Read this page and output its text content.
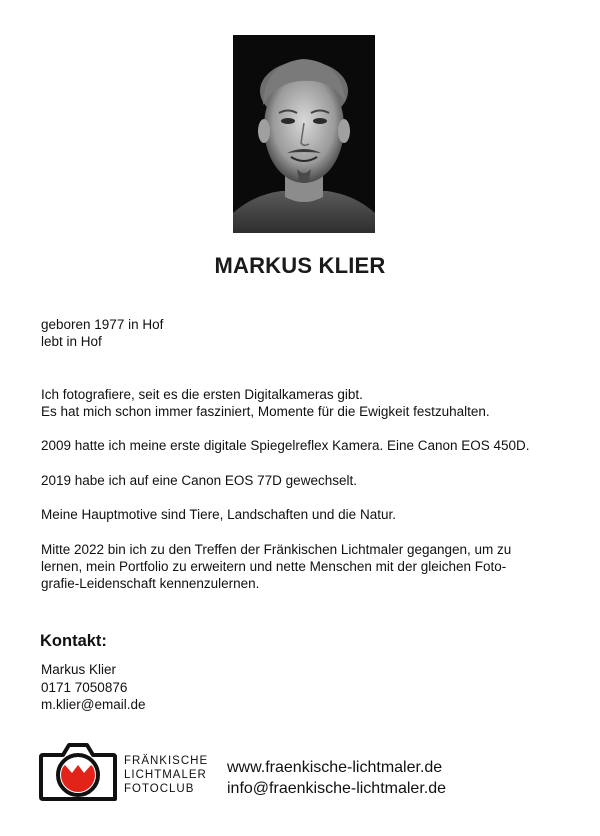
MARKUS KLIER
geboren 1977 in Hof
lebt in Hof
Ich fotografiere, seit es die ersten Digitalkameras gibt.
Es hat mich schon immer fasziniert, Momente für die Ewigkeit festzuhalten.
2009 hatte ich meine erste digitale Spiegelreflex Kamera. Eine Canon EOS 450D.
2019 habe ich auf eine Canon EOS 77D gewechselt.
Meine Hauptmotive sind Tiere, Landschaften und die Natur.
Mitte 2022 bin ich zu den Treffen der Fränkischen Lichtmaler gegangen, um zu
lernen, mein Portfolio zu erweitern und nette Menschen mit der gleichen Foto-
grafie-Leidenschaft kennenzulernen.
Kontakt:
Markus Klier
0171 7050876
m.klier@email.de
FRÄNKISCHE
LICHTMALER
FOTOCLUB
www.fraenkische-lichtmaler.de
info@fraenkische-lichtmaler.de
